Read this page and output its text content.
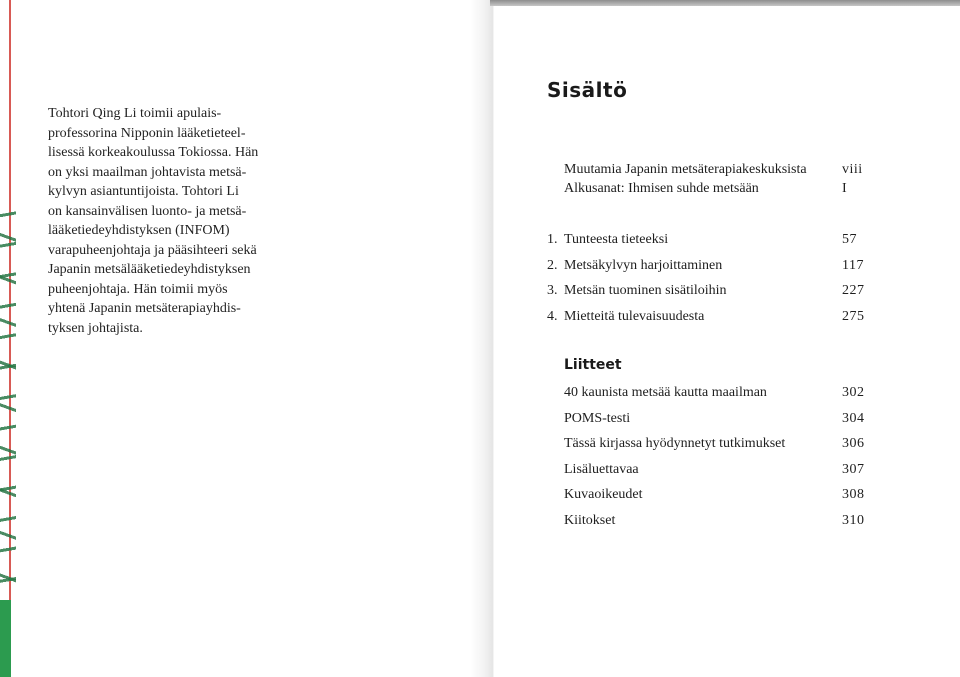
Tohtori Qing Li toimii apulais-
professorina Nipponin lääketieteel-
lisessä korkeakoulussa Tokiossa. Hän
on yksi maailman johtavista metsä-
kylvyn asiantuntijoista. Tohtori Li
on kansainvälisen luonto- ja metsä-
lääketiedeyhdistyksen (INFOM)
varapuheenjohtaja ja pääsihteeri sekä
Japanin metsälääketiedeyhdistyksen
puheenjohtaja. Hän toimii myös
yhtenä Japanin metsäterapiayhdis-
tyksen johtajista.
Sisältö
Muutamia Japanin metsäterapiakeskuksista	viii
Alkusanat: Ihmisen suhde metsään	I
1. Tunteesta tieteeksi	57
2. Metsäkylvyn harjoittaminen	117
3. Metsän tuominen sisätiloihin	227
4. Mietteitä tulevaisuudesta	275
Liitteet
40 kaunista metsää kautta maailman	302
POMS-testi	304
Tässä kirjassa hyödynnetyt tutkimukset	306
Lisäluettavaa	307
Kuvaoikeudet	308
Kiitokset	310
